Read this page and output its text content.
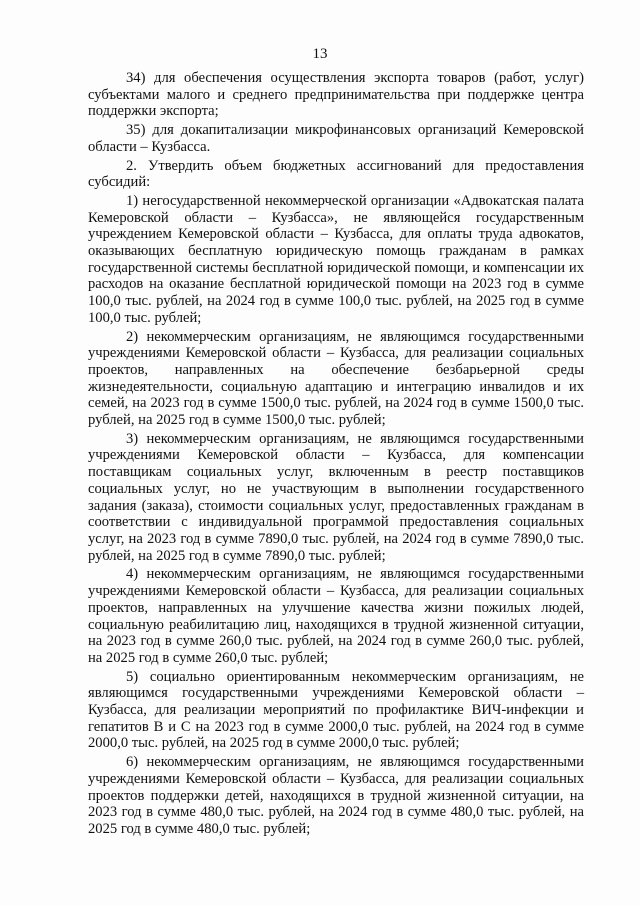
13

34) для обеспечения осуществления экспорта товаров (работ, услуг) субъектами малого и среднего предпринимательства при поддержке центра поддержки экспорта;

35) для докапитализации микрофинансовых организаций Кемеровской области – Кузбасса.

2. Утвердить объем бюджетных ассигнований для предоставления субсидий:

1) негосударственной некоммерческой организации «Адвокатская палата Кемеровской области – Кузбасса», не являющейся государственным учреждением Кемеровской области – Кузбасса, для оплаты труда адвокатов, оказывающих бесплатную юридическую помощь гражданам в рамках государственной системы бесплатной юридической помощи, и компенсации их расходов на оказание бесплатной юридической помощи на 2023 год в сумме 100,0 тыс. рублей, на 2024 год в сумме 100,0 тыс. рублей, на 2025 год в сумме 100,0 тыс. рублей;

2) некоммерческим организациям, не являющимся государственными учреждениями Кемеровской области – Кузбасса, для реализации социальных проектов, направленных на обеспечение безбарьерной среды жизнедеятельности, социальную адаптацию и интеграцию инвалидов и их семей, на 2023 год в сумме 1500,0 тыс. рублей, на 2024 год в сумме 1500,0 тыс. рублей, на 2025 год в сумме 1500,0 тыс. рублей;

3) некоммерческим организациям, не являющимся государственными учреждениями Кемеровской области – Кузбасса, для компенсации поставщикам социальных услуг, включенным в реестр поставщиков социальных услуг, но не участвующим в выполнении государственного задания (заказа), стоимости социальных услуг, предоставленных гражданам в соответствии с индивидуальной программой предоставления социальных услуг, на 2023 год в сумме 7890,0 тыс. рублей, на 2024 год в сумме 7890,0 тыс. рублей, на 2025 год в сумме 7890,0 тыс. рублей;

4) некоммерческим организациям, не являющимся государственными учреждениями Кемеровской области – Кузбасса, для реализации социальных проектов, направленных на улучшение качества жизни пожилых людей, социальную реабилитацию лиц, находящихся в трудной жизненной ситуации, на 2023 год в сумме 260,0 тыс. рублей, на 2024 год в сумме 260,0 тыс. рублей, на 2025 год в сумме 260,0 тыс. рублей;

5) социально ориентированным некоммерческим организациям, не являющимся государственными учреждениями Кемеровской области – Кузбасса, для реализации мероприятий по профилактике ВИЧ-инфекции и гепатитов В и С на 2023 год в сумме 2000,0 тыс. рублей, на 2024 год в сумме 2000,0 тыс. рублей, на 2025 год в сумме 2000,0 тыс. рублей;

6) некоммерческим организациям, не являющимся государственными учреждениями Кемеровской области – Кузбасса, для реализации социальных проектов поддержки детей, находящихся в трудной жизненной ситуации, на 2023 год в сумме 480,0 тыс. рублей, на 2024 год в сумме 480,0 тыс. рублей, на 2025 год в сумме 480,0 тыс. рублей;
